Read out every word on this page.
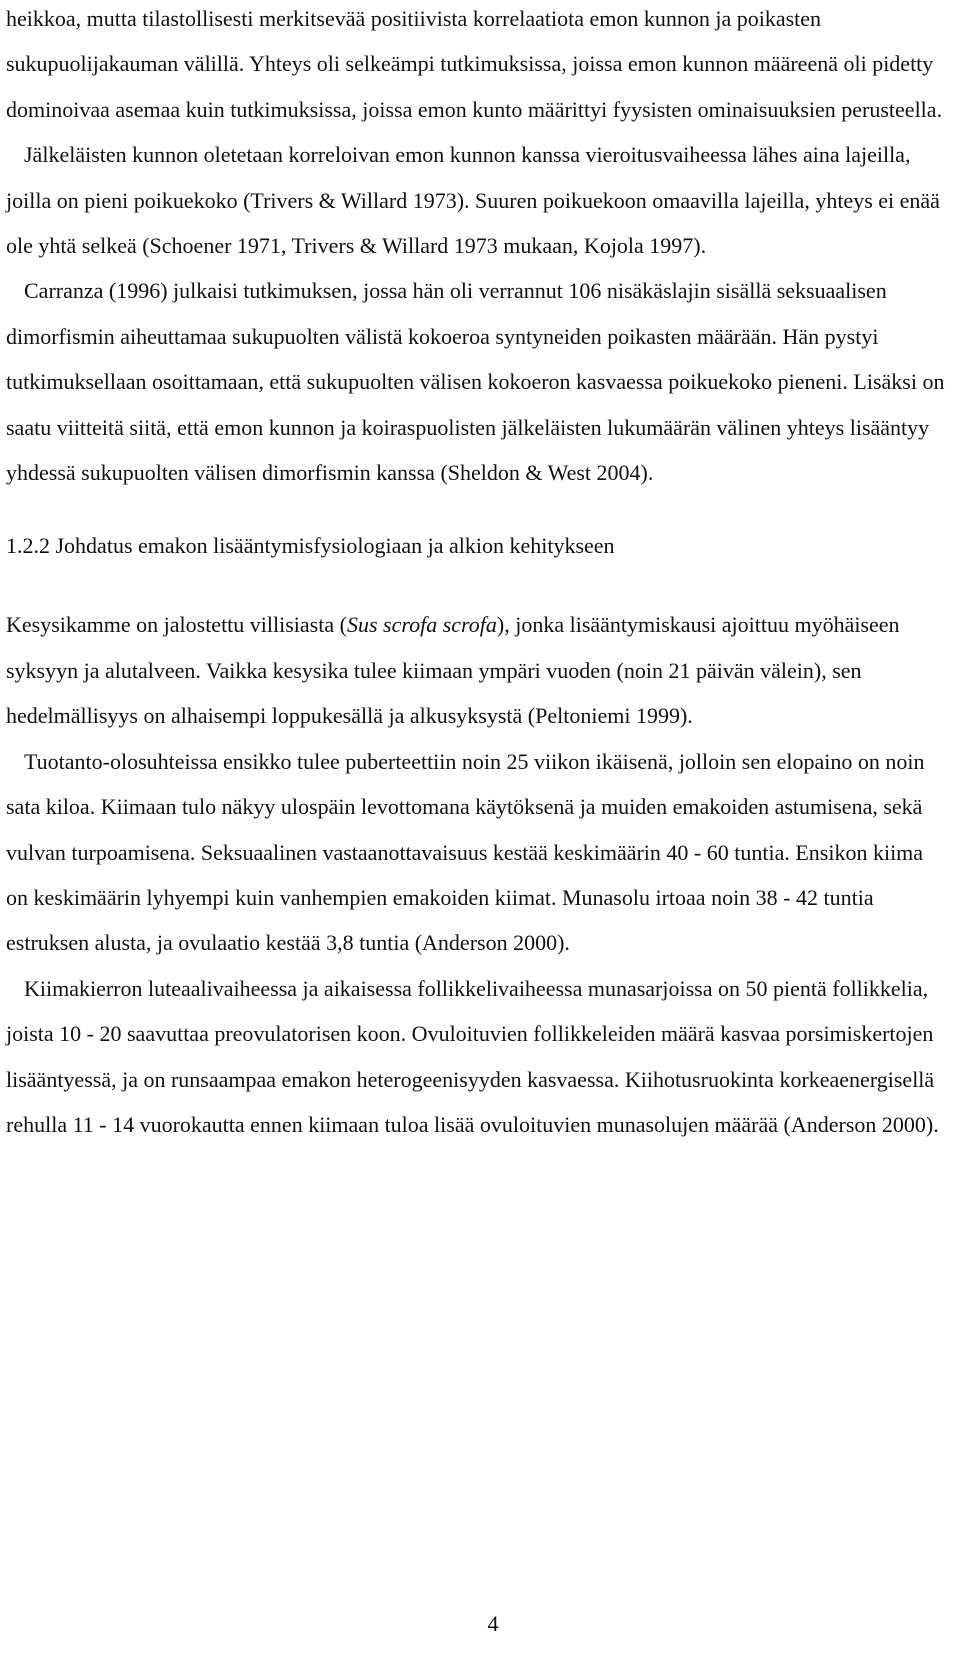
heikkoa, mutta tilastollisesti merkitsevää positiivista korrelaatiota emon kunnon ja poikasten sukupuolijakauman välillä. Yhteys oli selkeämpi tutkimuksissa, joissa emon kunnon määreenä oli pidetty dominoivaa asemaa kuin tutkimuksissa, joissa emon kunto määrittyi fyysisten ominaisuuksien perusteella.

Jälkeläisten kunnon oletetaan korreloivan emon kunnon kanssa vieroitusvaiheessa lähes aina lajeilla, joilla on pieni poikuekoko (Trivers & Willard 1973). Suuren poikuekoon omaavilla lajeilla, yhteys ei enää ole yhtä selkeä (Schoener 1971, Trivers & Willard 1973 mukaan, Kojola 1997).

Carranza (1996) julkaisi tutkimuksen, jossa hän oli verrannut 106 nisäkäslajin sisällä seksuaalisen dimorfismin aiheuttamaa sukupuolten välistä kokoeroa syntyneiden poikasten määrään. Hän pystyi tutkimuksellaan osoittamaan, että sukupuolten välisen kokoeron kasvaessa poikuekoko pieneni. Lisäksi on saatu viitteitä siitä, että emon kunnon ja koiraspuolisten jälkeläisten lukumäärän välinen yhteys lisääntyy yhdessä sukupuolten välisen dimorfismin kanssa (Sheldon & West 2004).

1.2.2 Johdatus emakon lisääntymisfysiologiaan ja alkion kehitykseen

Kesysikamme on jalostettu villisiasta (Sus scrofa scrofa), jonka lisääntymiskausi ajoittuu myöhäiseen syksyyn ja alutalveen. Vaikka kesysika tulee kiimaan ympäri vuoden (noin 21 päivän välein), sen hedelmällisyys on alhaisempi loppukesällä ja alkusyksystä (Peltoniemi 1999).

Tuotanto-olosuhteissa ensikko tulee puberteettiin noin 25 viikon ikäisenä, jolloin sen elopaino on noin sata kiloa. Kiimaan tulo näkyy ulospäin levottomana käytöksenä ja muiden emakoiden astumisena, sekä vulvan turpoamisena. Seksuaalinen vastaanottavaisuus kestää keskimäärin 40 - 60 tuntia. Ensikon kiima on keskimäärin lyhyempi kuin vanhempien emakoiden kiimat. Munasolu irtoaa noin 38 - 42 tuntia estruksen alusta, ja ovulaatio kestää 3,8 tuntia (Anderson 2000).

Kiimakierron luteaalivaiheessa ja aikaisessa follikkelivaiheessa munasarjoissa on 50 pientä follikkelia, joista 10 - 20 saavuttaa preovulatorisen koon. Ovuloituvien follikkeleiden määrä kasvaa porsimiskertojen lisääntyessä, ja on runsaampaa emakon heterogeenisyyden kasvaessa. Kiihotusruokinta korkeaenergisellä rehulla 11 - 14 vuorokautta ennen kiimaan tuloa lisää ovuloituvien munasolujen määrää (Anderson 2000).

4
